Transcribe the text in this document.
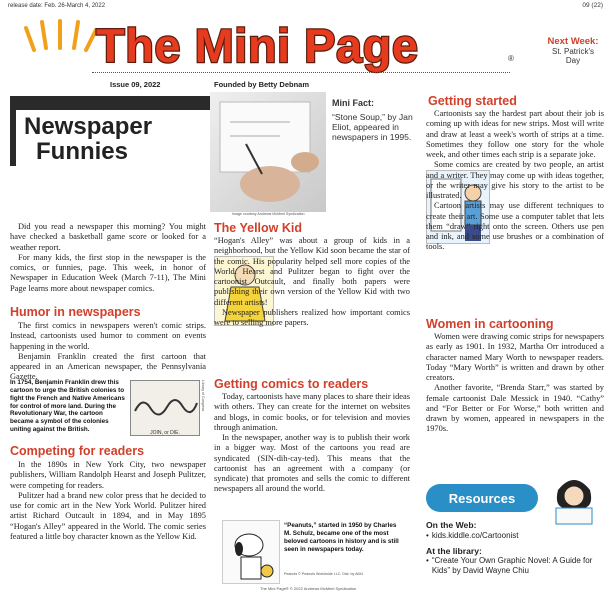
release date: Feb. 26-March 4, 2022	09 (22)
The Mini Page	®
Issue 09, 2022	Founded by Betty Debnam
Next Week:
St. Patrick's
Day
Newspaper
Funnies
Image courtesy Andrews McMeel Syndication
Mini Fact:
“Stone Soup,” by Jan Eliot, appeared in newspapers in 1995.

Did you read a newspaper this morning? You might have checked a basketball game score or looked for a weather report.

For many kids, the first stop in the newspaper is the comics, or funnies, page. This week, in honor of Newspaper in Education Week (March 7-11), The Mini Page learns more about newspaper comics.

Humor in newspapers

The first comics in newspapers weren't comic strips. Instead, cartoonists used humor to comment on events happening in the world.

Benjamin Franklin created the first cartoon that appeared in an American newspaper, the Pennsylvania Gazette.

In 1754, Benjamin Franklin drew this cartoon to urge the British colonies to fight the French and Native Americans for control of more land. During the Revolutionary War, the cartoon became a symbol of the colonies uniting against the British.	JOIN, or DIE.
Library of Congress
Competing for readers

In the 1890s in New York City, two newspaper publishers, William Randolph Hearst and Joseph Pulitzer, were competing for readers.

Pulitzer had a brand new color press that he decided to use for comic art in the New York World. Pulitzer hired artist Richard Outcault in 1894, and in May 1895 “Hogan's Alley” appeared in the World. The comic series featured a little boy character known as the Yellow Kid.

The Yellow Kid

“Hogan's Alley” was about a group of kids in a neighborhood, but the Yellow Kid soon became the star of the comic. His popularity helped sell more copies of the World. Hearst and Pulitzer began to fight over the cartoonist Outcault, and finally both papers were publishing their own version of the Yellow Kid with two different artists!

Newspaper publishers realized how important comics were to selling more papers.

Getting comics to readers

Today, cartoonists have many places to share their ideas with others. They can create for the internet on websites and blogs, in comic books, or for television and movies through animation.

In the newspaper, another way is to publish their work in a bigger way. Most of the cartoons you read are syndicated (SIN-dih-cay-ted). This means that the cartoonist has an agreement with a company (or syndicate) that promotes and sells the comic to different newspapers all around the world.

“Peanuts,” started in 1950 by Charles M. Schulz, became one of the most beloved cartoons in history and is still seen in newspapers today.
Peanuts © Peanuts Worldwide LLC. Dist. by AMU
Getting started

Cartoonists say the hardest part about their job is coming up with ideas for new strips. Most will write and draw at least a week's worth of strips at a time. Sometimes they follow one story for the whole week, and other times each strip is a separate joke.

Some comics are created by two people, an artist and a writer. They may come up with ideas together, or the writer may give his story to the artist to be illustrated.

Cartoon artists may use different techniques to create their art. Some use a computer tablet that lets them “draw” right onto the screen. Others use pen and ink, and some use brushes or a combination of tools.

Women in cartooning

Women were drawing comic strips for newspapers as early as 1901. In 1932, Martha Orr introduced a character named Mary Worth to newspaper readers. Today “Mary Worth” is written and drawn by other creators.

Another favorite, “Brenda Starr,” was started by female cartoonist Dale Messick in 1940. “Cathy” and “For Better or For Worse,” both written and drawn by women, appeared in newspapers in the 1970s.

Resources
On the Web:
• kids.kiddle.co/Cartoonist
At the library:
• “Create Your Own Graphic Novel: A Guide for Kids” by David Wayne Chiu
The Mini Page® © 2022 Andrews McMeel Syndication
